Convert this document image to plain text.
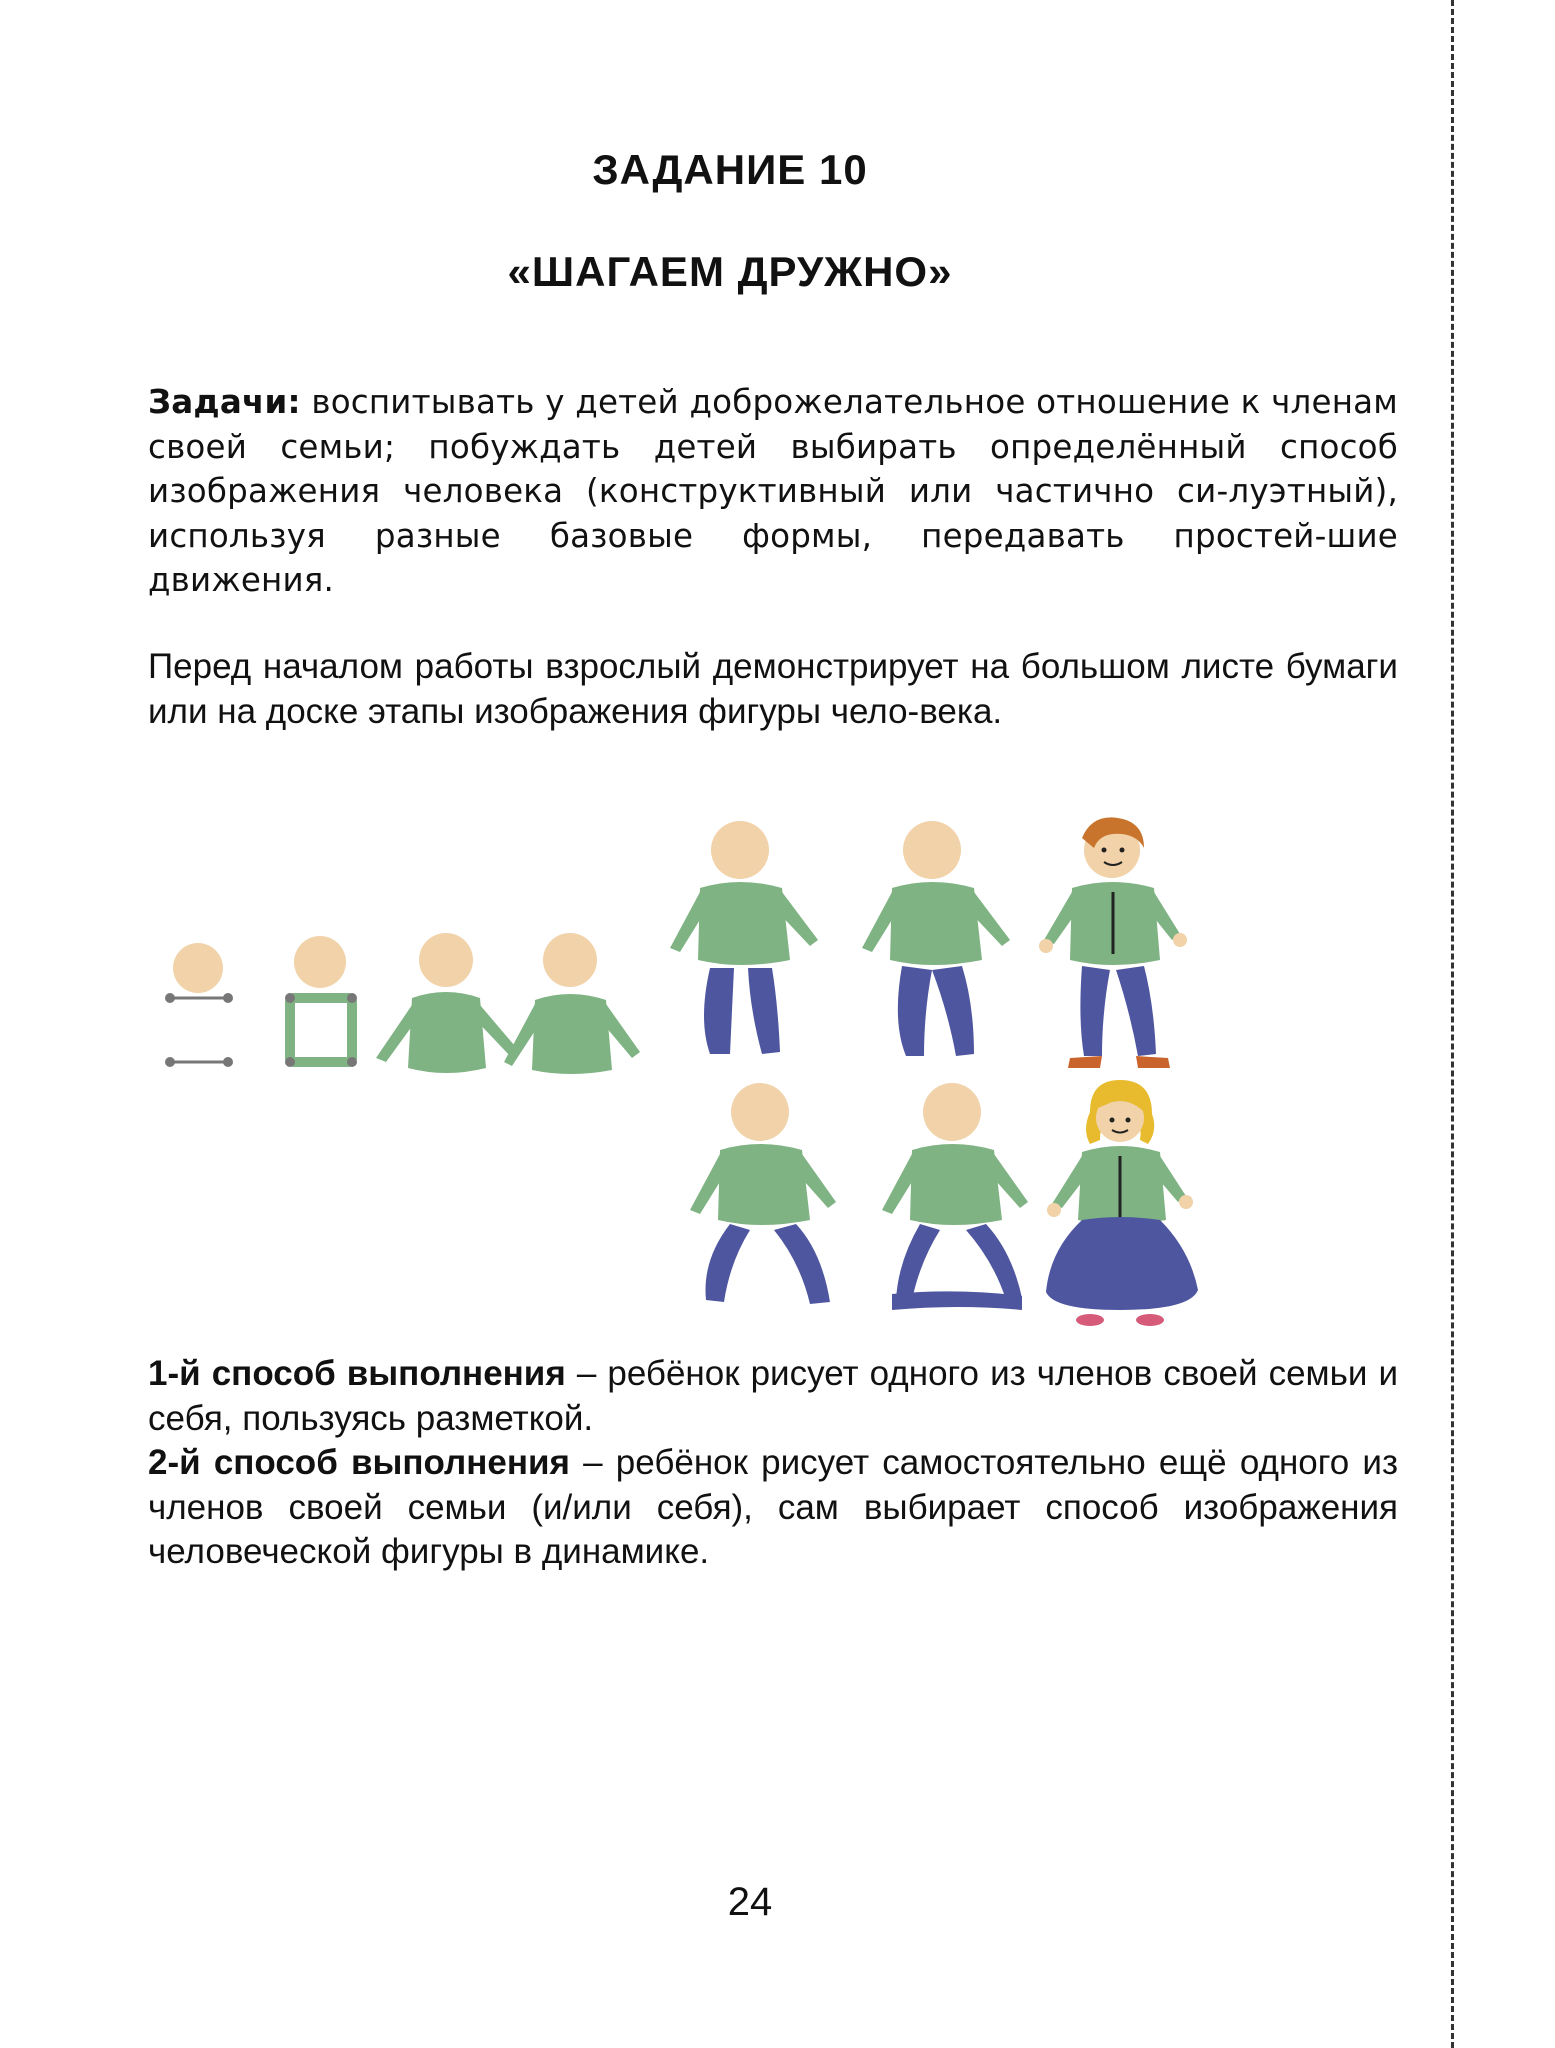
ЗАДАНИЕ 10
«ШАГАЕМ ДРУЖНО»

Задачи: воспитывать у детей доброжелательное отношение к членам своей семьи; побуждать детей выбирать определённый способ изображения человека (конструктивный или частично си-луэтный), используя разные базовые формы, передавать простей-шие движения.

Перед началом работы взрослый демонстрирует на большом листе бумаги или на доске этапы изображения фигуры чело-века.

1-й способ выполнения – ребёнок рисует одного из членов своей семьи и себя, пользуясь разметкой.

2-й способ выполнения – ребёнок рисует самостоятельно ещё одного из членов своей семьи (и/или себя), сам выбирает способ изображения человеческой фигуры в динамике.

24
